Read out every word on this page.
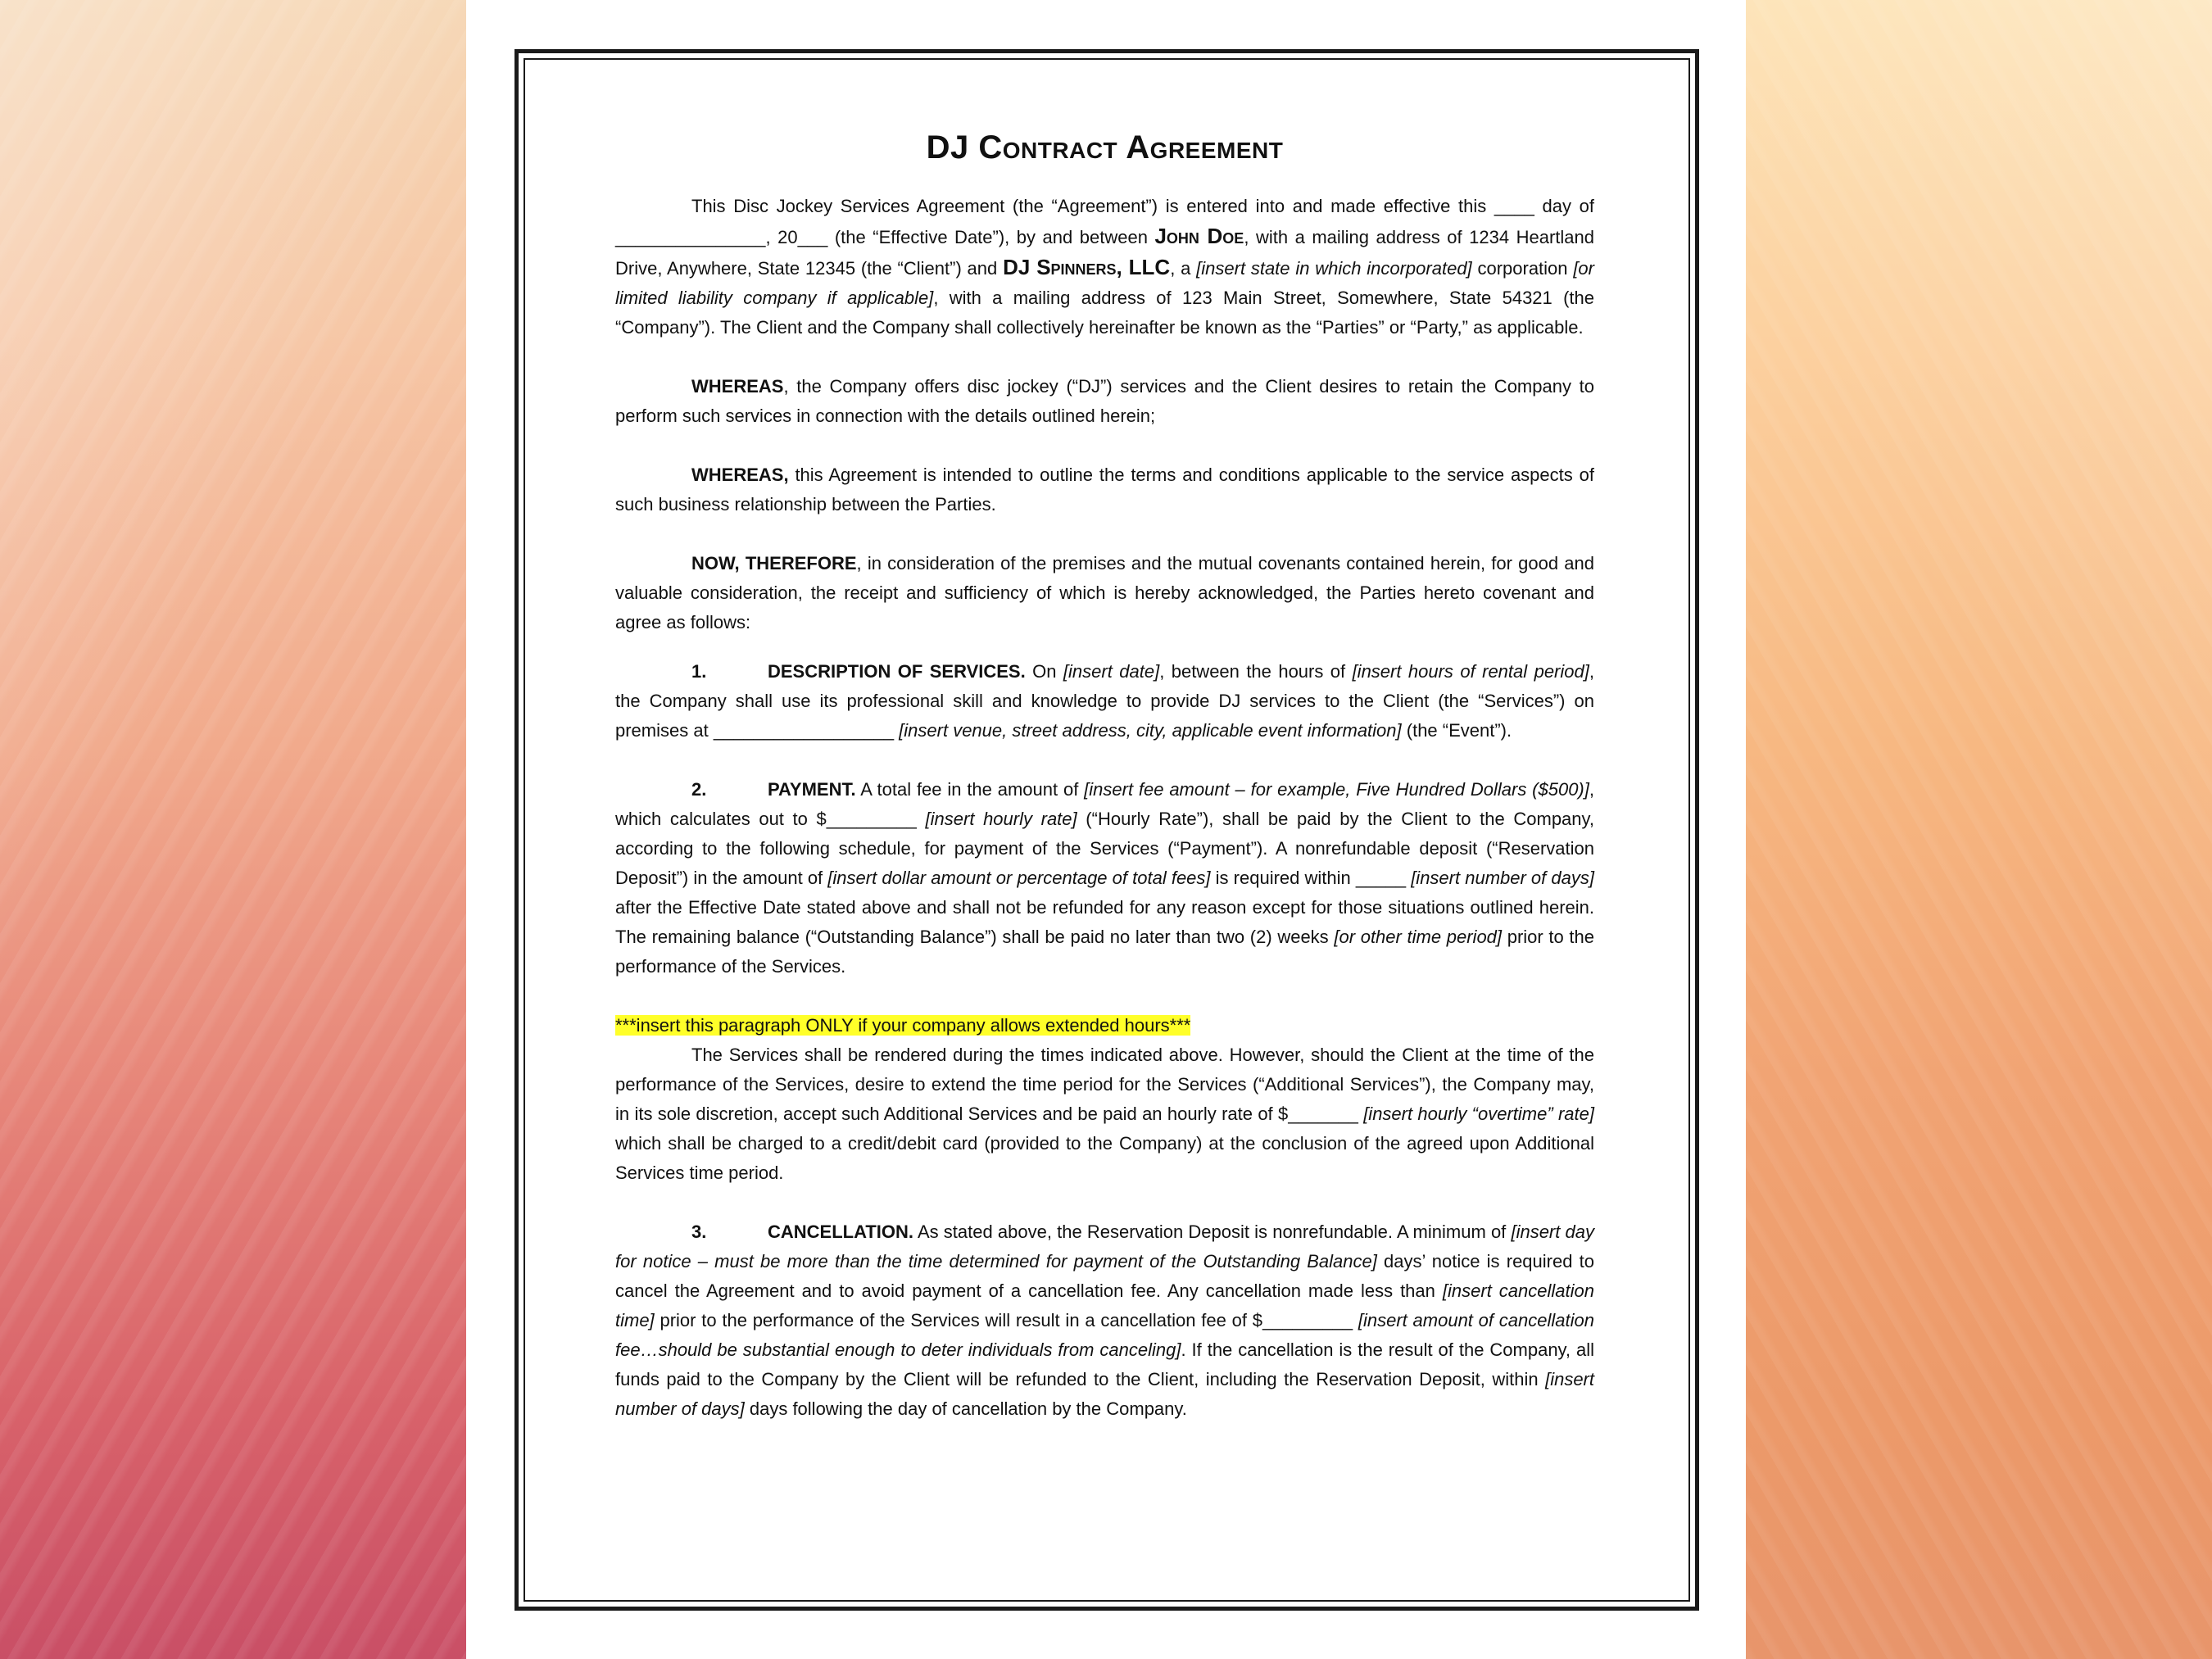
DJ Contract Agreement

This Disc Jockey Services Agreement (the “Agreement”) is entered into and made effective this ____ day of _______________, 20___ (the “Effective Date”), by and between John Doe, with a mailing address of 1234 Heartland Drive, Anywhere, State 12345 (the “Client”) and DJ Spinners, LLC, a [insert state in which incorporated] corporation [or limited liability company if applicable], with a mailing address of 123 Main Street, Somewhere, State 54321 (the “Company”). The Client and the Company shall collectively hereinafter be known as the “Parties” or “Party,” as applicable.

WHEREAS, the Company offers disc jockey (“DJ”) services and the Client desires to retain the Company to perform such services in connection with the details outlined herein;

WHEREAS, this Agreement is intended to outline the terms and conditions applicable to the service aspects of such business relationship between the Parties.

NOW, THEREFORE, in consideration of the premises and the mutual covenants contained herein, for good and valuable consideration, the receipt and sufficiency of which is hereby acknowledged, the Parties hereto covenant and agree as follows:

1.	DESCRIPTION OF SERVICES. On [insert date], between the hours of [insert hours of rental period], the Company shall use its professional skill and knowledge to provide DJ services to the Client (the “Services”) on premises at __________________ [insert venue, street address, city, applicable event information] (the “Event”).

2.	PAYMENT. A total fee in the amount of [insert fee amount – for example, Five Hundred Dollars ($500)], which calculates out to $_________ [insert hourly rate] (“Hourly Rate”), shall be paid by the Client to the Company, according to the following schedule, for payment of the Services (“Payment”). A nonrefundable deposit (“Reservation Deposit”) in the amount of [insert dollar amount or percentage of total fees] is required within _____ [insert number of days] after the Effective Date stated above and shall not be refunded for any reason except for those situations outlined herein. The remaining balance (“Outstanding Balance”) shall be paid no later than two (2) weeks [or other time period] prior to the performance of the Services.

***insert this paragraph ONLY if your company allows extended hours***

The Services shall be rendered during the times indicated above. However, should the Client at the time of the performance of the Services, desire to extend the time period for the Services (“Additional Services”), the Company may, in its sole discretion, accept such Additional Services and be paid an hourly rate of $_______ [insert hourly “overtime” rate] which shall be charged to a credit/debit card (provided to the Company) at the conclusion of the agreed upon Additional Services time period.

3.	CANCELLATION. As stated above, the Reservation Deposit is nonrefundable. A minimum of [insert day for notice – must be more than the time determined for payment of the Outstanding Balance] days’ notice is required to cancel the Agreement and to avoid payment of a cancellation fee. Any cancellation made less than [insert cancellation time] prior to the performance of the Services will result in a cancellation fee of $_________ [insert amount of cancellation fee…should be substantial enough to deter individuals from canceling]. If the cancellation is the result of the Company, all funds paid to the Company by the Client will be refunded to the Client, including the Reservation Deposit, within [insert number of days] days following the day of cancellation by the Company.
